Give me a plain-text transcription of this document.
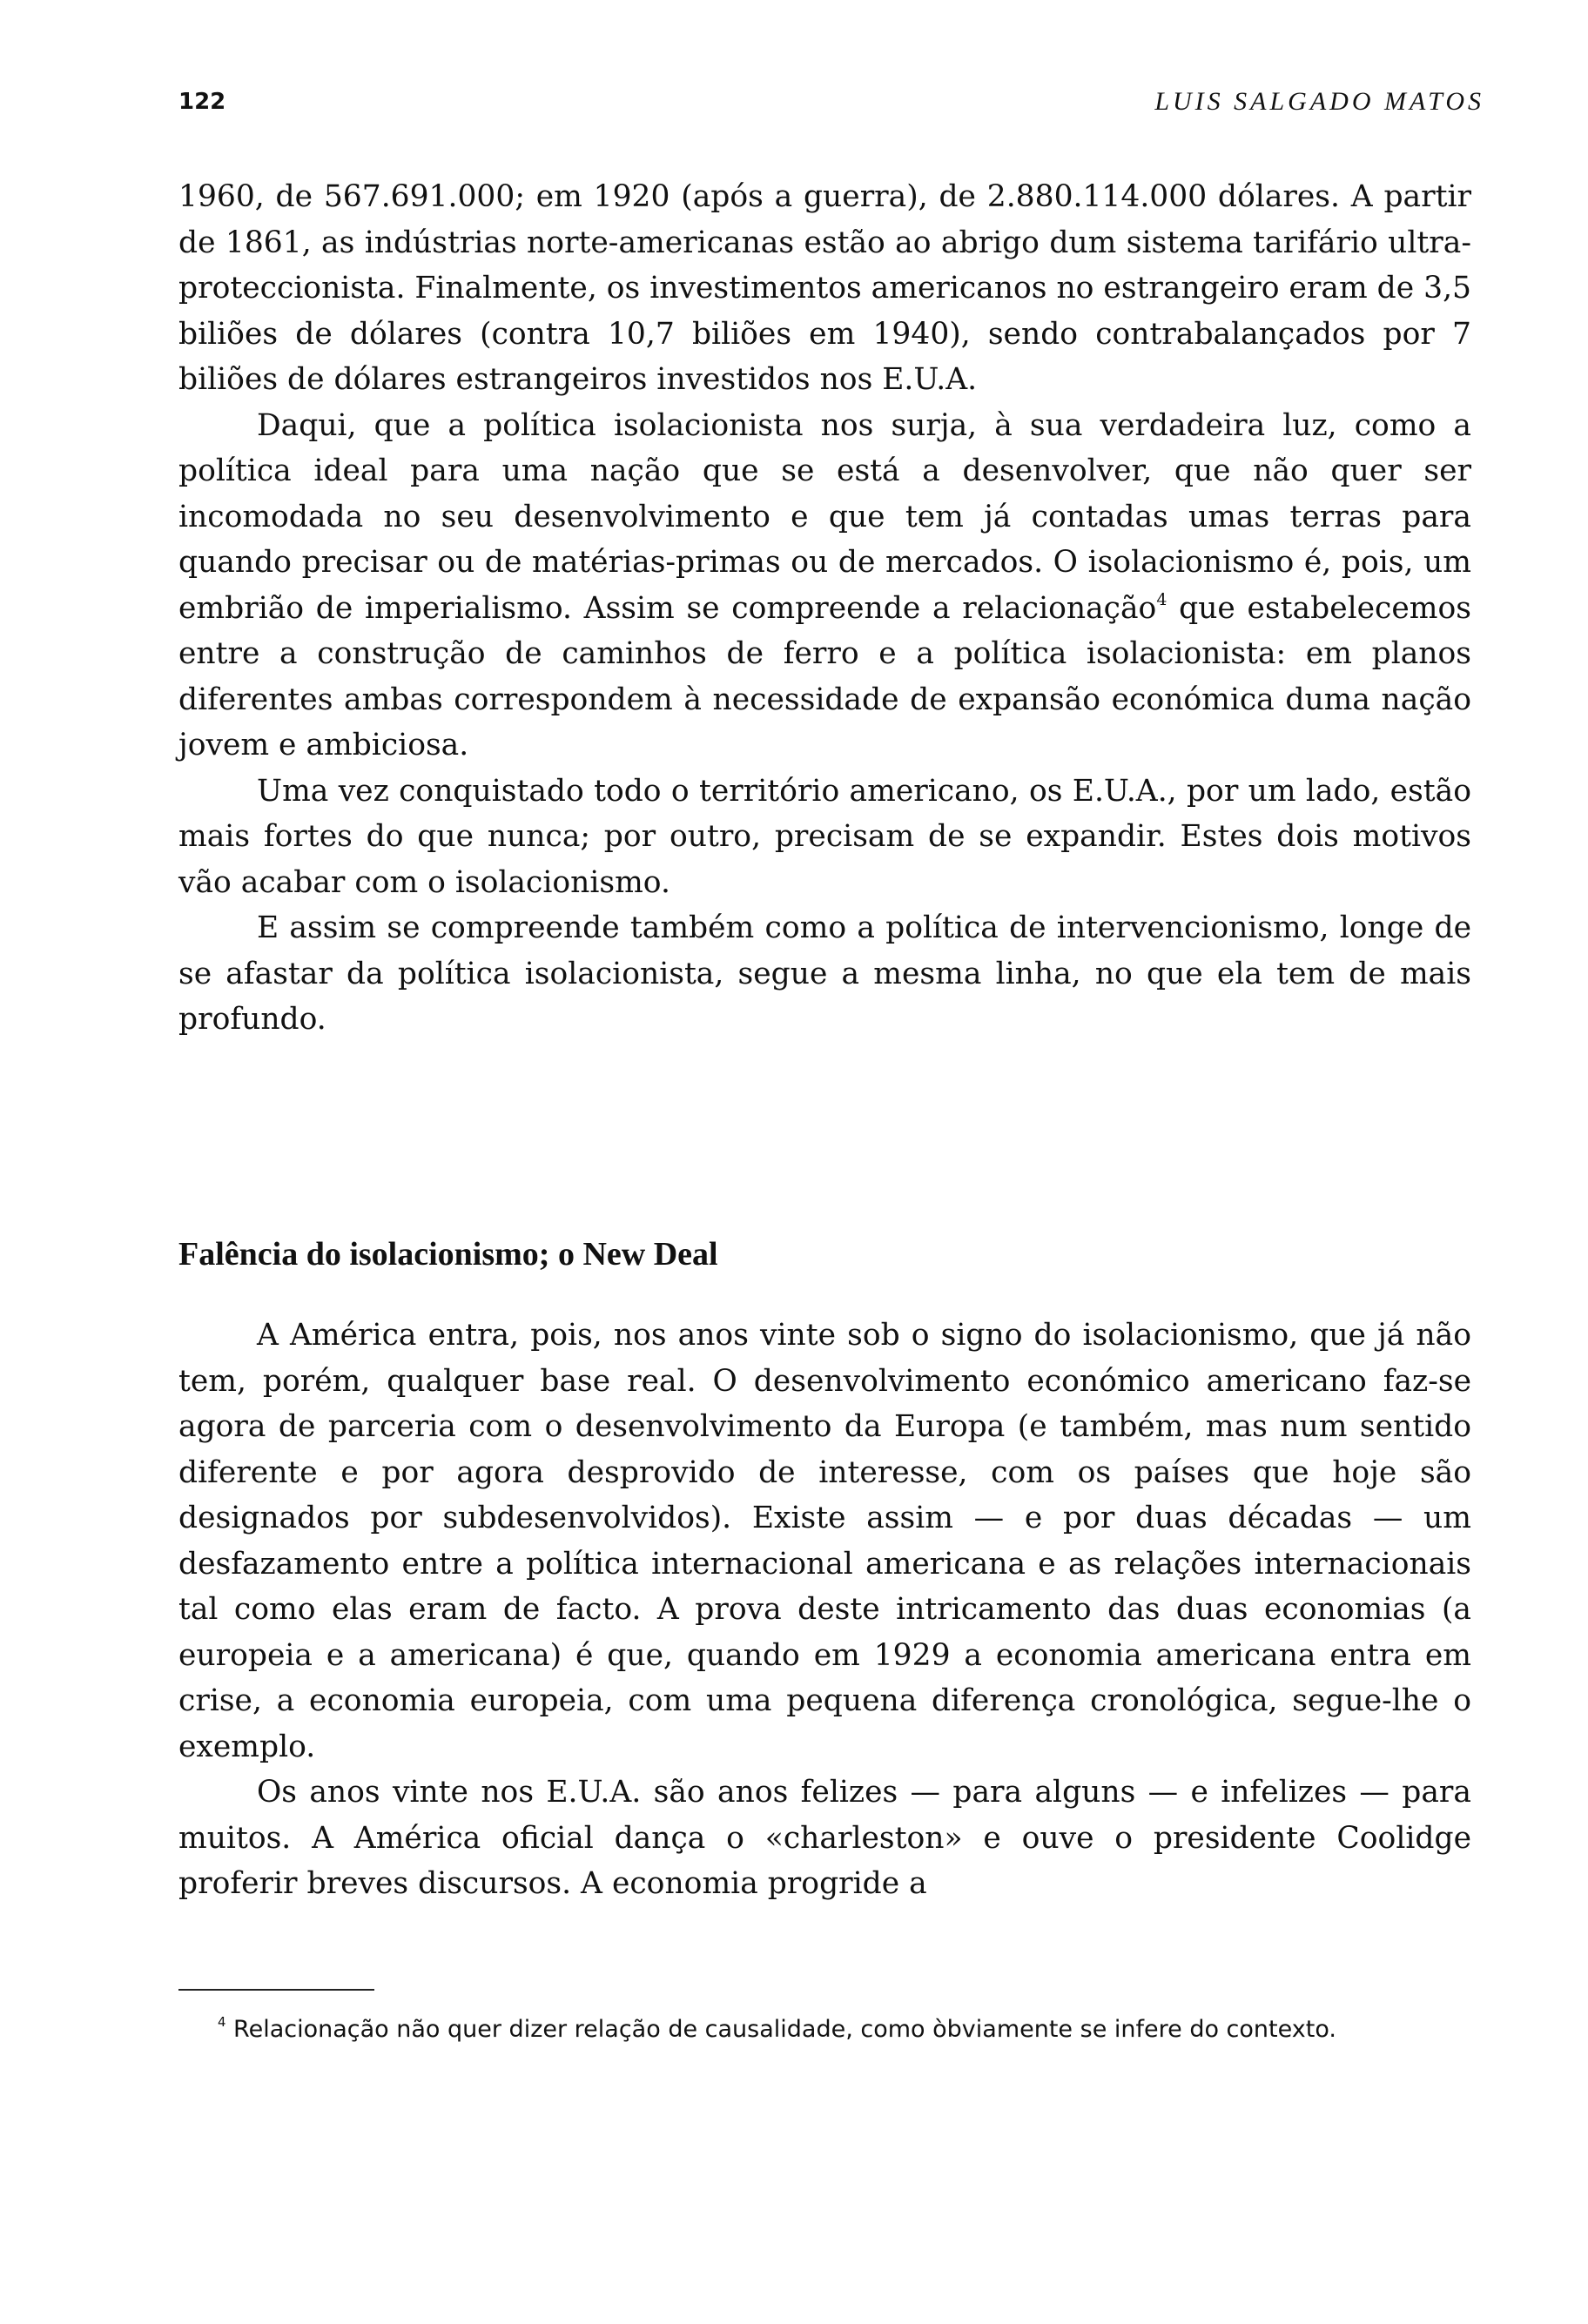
122	LUIS SALGADO MATOS

1960, de 567.691.000; em 1920 (após a guerra), de 2.880.114.000 dólares. A partir de 1861, as indústrias norte-americanas estão ao abrigo dum sistema tarifário ultra-proteccionista. Finalmente, os investimentos americanos no estrangeiro eram de 3,5 biliões de dólares (contra 10,7 biliões em 1940), sendo contrabalançados por 7 biliões de dólares estrangeiros investidos nos E.U.A.

Daqui, que a política isolacionista nos surja, à sua verdadeira luz, como a política ideal para uma nação que se está a desenvolver, que não quer ser incomodada no seu desenvolvimento e que tem já contadas umas terras para quando precisar ou de matérias-primas ou de mercados. O isolacionismo é, pois, um embrião de imperialismo. Assim se compreende a relacionação$^4$ que estabelecemos entre a construção de caminhos de ferro e a política isolacionista: em planos diferentes ambas correspondem à necessidade de expansão económica duma nação jovem e ambiciosa.

Uma vez conquistado todo o território americano, os E.U.A., por um lado, estão mais fortes do que nunca; por outro, precisam de se expandir. Estes dois motivos vão acabar com o isolacionismo.

E assim se compreende também como a política de intervencionismo, longe de se afastar da política isolacionista, segue a mesma linha, no que ela tem de mais profundo.

Falência do isolacionismo; o New Deal

A América entra, pois, nos anos vinte sob o signo do isolacionismo, que já não tem, porém, qualquer base real. O desenvolvimento económico americano faz-se agora de parceria com o desenvolvimento da Europa (e também, mas num sentido diferente e por agora desprovido de interesse, com os países que hoje são designados por subdesenvolvidos). Existe assim — e por duas décadas — um desfazamento entre a política internacional americana e as relações internacionais tal como elas eram de facto. A prova deste intricamento das duas economias (a europeia e a americana) é que, quando em 1929 a economia americana entra em crise, a economia europeia, com uma pequena diferença cronológica, segue-lhe o exemplo.

Os anos vinte nos E.U.A. são anos felizes — para alguns — e infelizes — para muitos. A América oficial dança o «charleston» e ouve o presidente Coolidge proferir breves discursos. A economia progride a

$^4$ Relacionação não quer dizer relação de causalidade, como òbviamente se infere do contexto.
